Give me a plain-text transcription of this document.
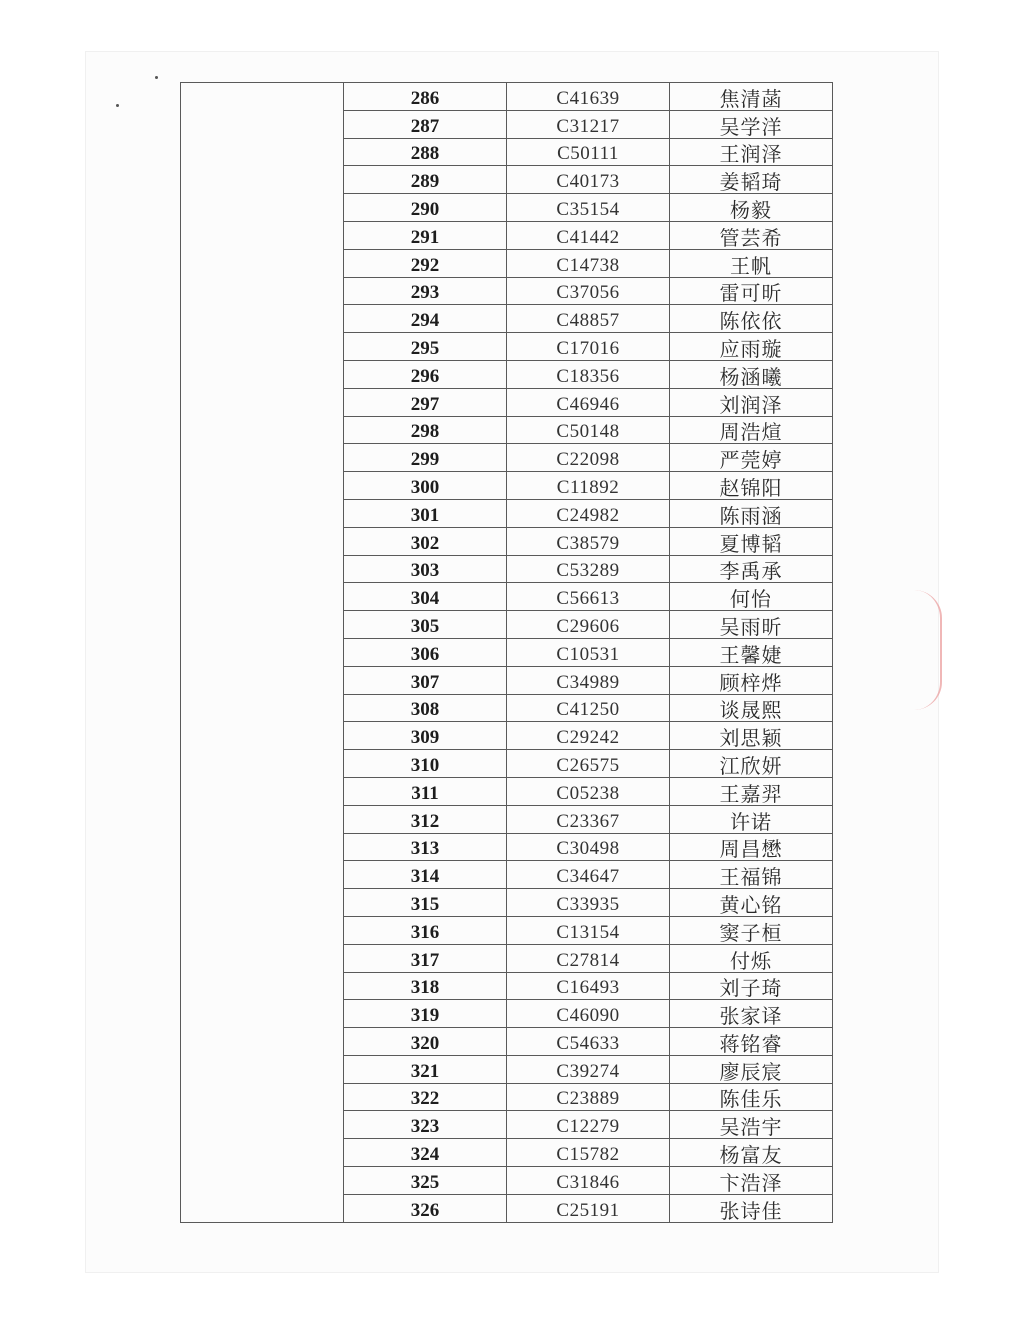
	286	C41639	焦清菡
	287	C31217	吴学洋
	288	C50111	王润泽
	289	C40173	姜韬琦
	290	C35154	杨毅
	291	C41442	管芸希
	292	C14738	王帆
	293	C37056	雷可昕
	294	C48857	陈依依
	295	C17016	应雨璇
	296	C18356	杨涵曦
	297	C46946	刘润泽
	298	C50148	周浩煊
	299	C22098	严莞婷
	300	C11892	赵锦阳
	301	C24982	陈雨涵
	302	C38579	夏博韬
	303	C53289	李禹承
	304	C56613	何怡
	305	C29606	吴雨昕
	306	C10531	王馨婕
	307	C34989	顾梓烨
	308	C41250	谈晟熙
	309	C29242	刘思颖
	310	C26575	江欣妍
	311	C05238	王嘉羿
	312	C23367	许诺
	313	C30498	周昌懋
	314	C34647	王福锦
	315	C33935	黄心铭
	316	C13154	窦子桓
	317	C27814	付烁
	318	C16493	刘子琦
	319	C46090	张家译
	320	C54633	蒋铭睿
	321	C39274	廖辰宸
	322	C23889	陈佳乐
	323	C12279	吴浩宇
	324	C15782	杨富友
	325	C31846	卞浩泽
	326	C25191	张诗佳
